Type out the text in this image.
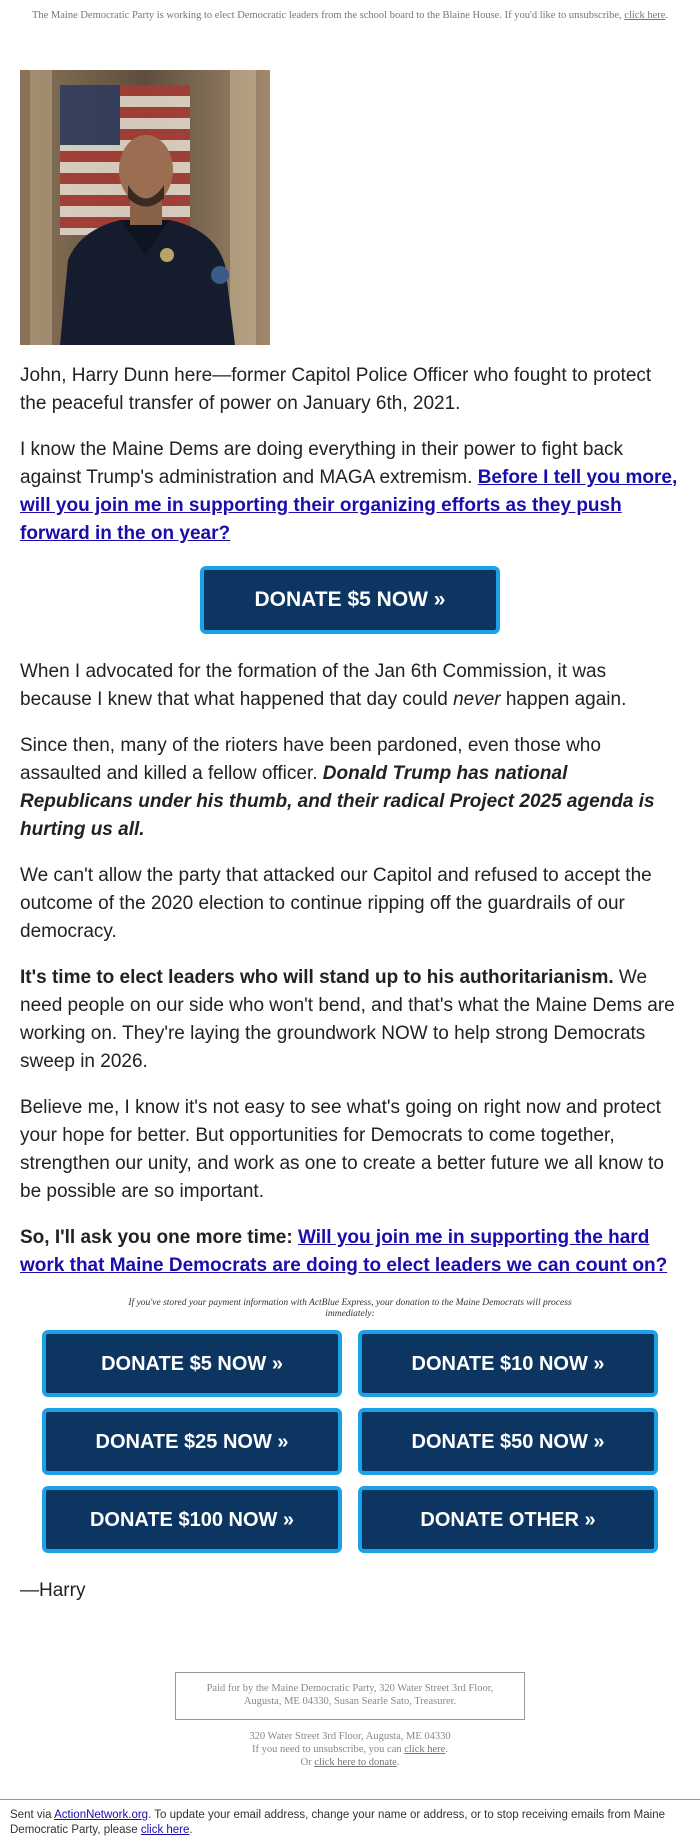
The Maine Democratic Party is working to elect Democratic leaders from the school board to the Blaine House. If you'd like to unsubscribe, click here.

John, Harry Dunn here—former Capitol Police Officer who fought to protect the peaceful transfer of power on January 6th, 2021.

I know the Maine Dems are doing everything in their power to fight back against Trump's administration and MAGA extremism. Before I tell you more, will you join me in supporting their organizing efforts as they push forward in the on year?

DONATE $5 NOW »

When I advocated for the formation of the Jan 6th Commission, it was because I knew that what happened that day could never happen again.

Since then, many of the rioters have been pardoned, even those who assaulted and killed a fellow officer. Donald Trump has national Republicans under his thumb, and their radical Project 2025 agenda is hurting us all.

We can't allow the party that attacked our Capitol and refused to accept the outcome of the 2020 election to continue ripping off the guardrails of our democracy.

It's time to elect leaders who will stand up to his authoritarianism. We need people on our side who won't bend, and that's what the Maine Dems are working on. They're laying the groundwork NOW to help strong Democrats sweep in 2026.

Believe me, I know it's not easy to see what's going on right now and protect your hope for better. But opportunities for Democrats to come together, strengthen our unity, and work as one to create a better future we all know to be possible are so important.

So, I'll ask you one more time: Will you join me in supporting the hard work that Maine Democrats are doing to elect leaders we can count on?

If you've stored your payment information with ActBlue Express, your donation to the Maine Democrats will process immediately:
DONATE $5 NOW »	DONATE $10 NOW »
DONATE $25 NOW »	DONATE $50 NOW »
DONATE $100 NOW »	DONATE OTHER »

—Harry

Paid for by the Maine Democratic Party, 320 Water Street 3rd Floor, Augusta, ME 04330, Susan Searle Sato, Treasurer.
320 Water Street 3rd Floor, Augusta, ME 04330
If you need to unsubscribe, you can click here.
Or click here to donate.
Sent via ActionNetwork.org. To update your email address, change your name or address, or to stop receiving emails from Maine Democratic Party, please click here.
